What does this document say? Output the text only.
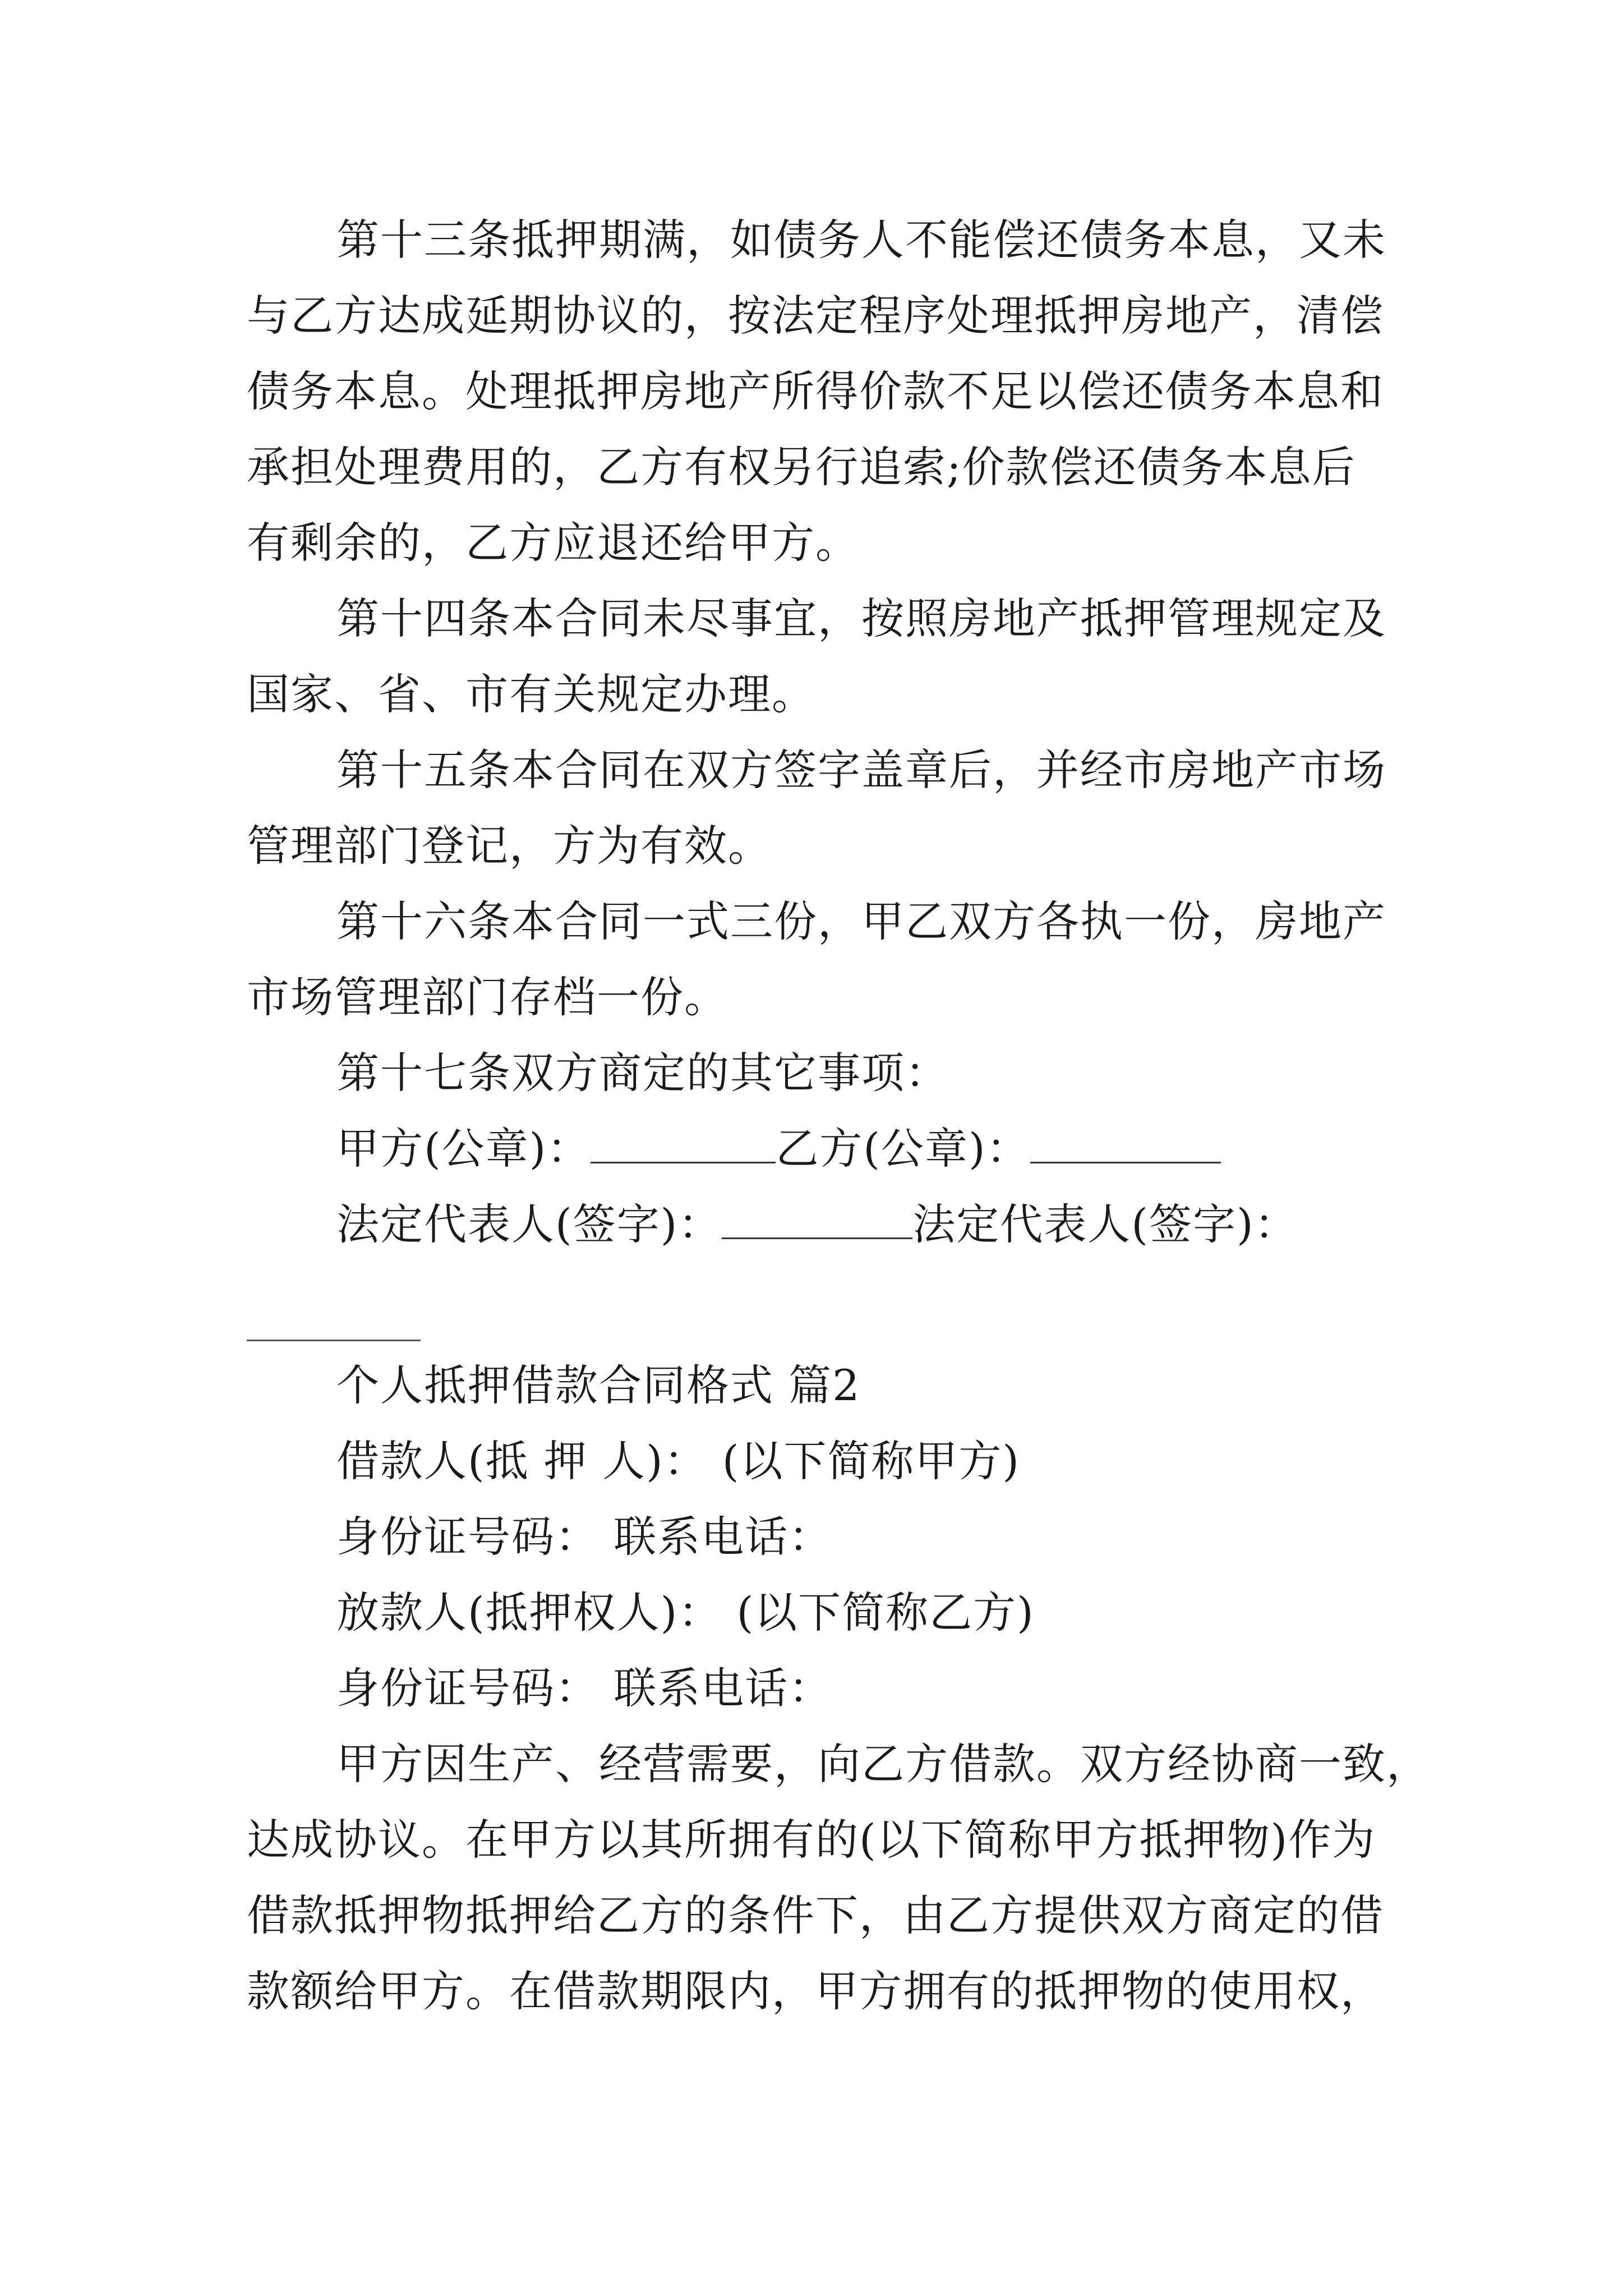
第十三条抵押期满，如债务人不能偿还债务本息，又未
与乙方达成延期协议的，按法定程序处理抵押房地产，清偿
债务本息。处理抵押房地产所得价款不足以偿还债务本息和
承担处理费用的，乙方有权另行追索;价款偿还债务本息后
有剩余的，乙方应退还给甲方。
第十四条本合同未尽事宜，按照房地产抵押管理规定及
国家、省、市有关规定办理。
第十五条本合同在双方签字盖章后，并经市房地产市场
管理部门登记，方为有效。
第十六条本合同一式三份，甲乙双方各执一份，房地产
市场管理部门存档一份。
第十七条双方商定的其它事项：
甲方(公章)：	乙方(公章)：
法定代表人(签字)：	法定代表人(签字)：
个人抵押借款合同格式 篇2
借款人(抵 押 人)： (以下简称甲方)
身份证号码： 联系电话：
放款人(抵押权人)： (以下简称乙方)
身份证号码： 联系电话：
甲方因生产、经营需要，向乙方借款。双方经协商一致，
达成协议。在甲方以其所拥有的(以下简称甲方抵押物)作为
借款抵押物抵押给乙方的条件下，由乙方提供双方商定的借
款额给甲方。在借款期限内，甲方拥有的抵押物的使用权，
